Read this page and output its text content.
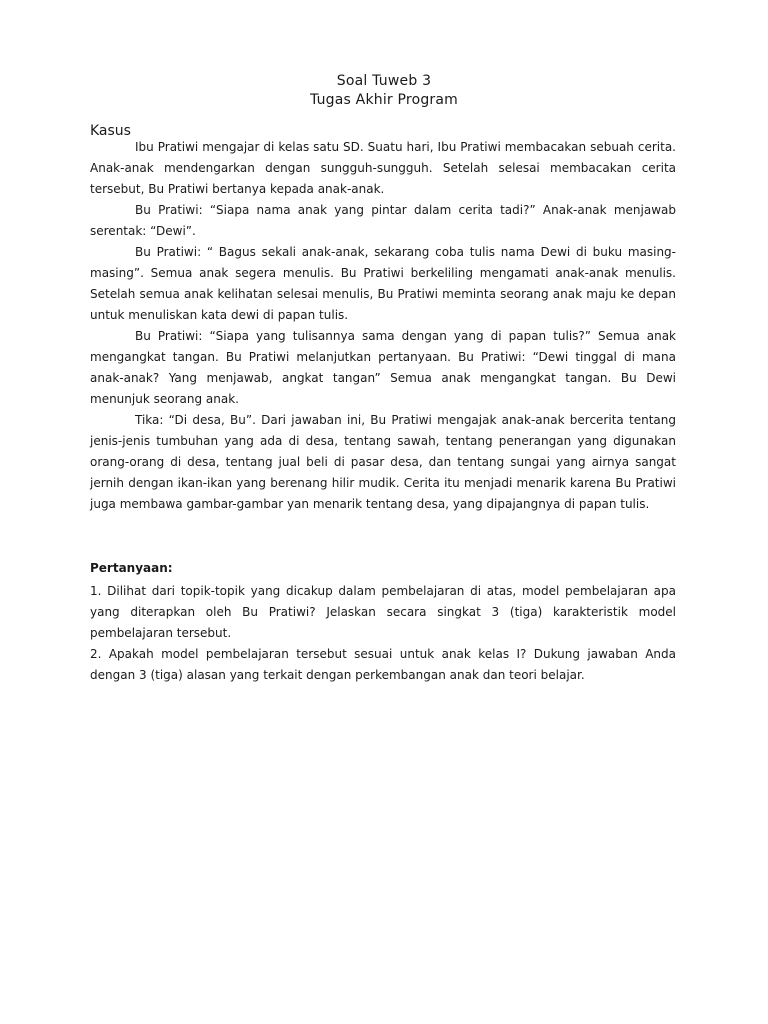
Soal Tuweb 3
Tugas Akhir Program
Kasus

Ibu Pratiwi mengajar di kelas satu SD. Suatu hari, Ibu Pratiwi membacakan sebuah cerita. Anak-anak mendengarkan dengan sungguh-sungguh. Setelah selesai membacakan cerita tersebut, Bu Pratiwi bertanya kepada anak-anak.

Bu Pratiwi: “Siapa nama anak yang pintar dalam cerita tadi?” Anak-anak menjawab serentak: “Dewi”.

Bu Pratiwi: “ Bagus sekali anak-anak, sekarang coba tulis nama Dewi di buku masing-masing”. Semua anak segera menulis. Bu Pratiwi berkeliling mengamati anak-anak menulis. Setelah semua anak kelihatan selesai menulis, Bu Pratiwi meminta seorang anak maju ke depan untuk menuliskan kata dewi di papan tulis.

Bu Pratiwi: “Siapa yang tulisannya sama dengan yang di papan tulis?” Semua anak mengangkat tangan. Bu Pratiwi melanjutkan pertanyaan. Bu Pratiwi: “Dewi tinggal di mana anak-anak? Yang menjawab, angkat tangan” Semua anak mengangkat tangan. Bu Dewi menunjuk seorang anak.

Tika: “Di desa, Bu”. Dari jawaban ini, Bu Pratiwi mengajak anak-anak bercerita tentang jenis-jenis tumbuhan yang ada di desa, tentang sawah, tentang penerangan yang digunakan orang-orang di desa, tentang jual beli di pasar desa, dan tentang sungai yang airnya sangat jernih dengan ikan-ikan yang berenang hilir mudik. Cerita itu menjadi menarik karena Bu Pratiwi juga membawa gambar-gambar yan menarik tentang desa, yang dipajangnya di papan tulis.

Pertanyaan:

1. Dilihat dari topik-topik yang dicakup dalam pembelajaran di atas, model pembelajaran apa yang diterapkan oleh Bu Pratiwi? Jelaskan secara singkat 3 (tiga) karakteristik model pembelajaran tersebut.

2. Apakah model pembelajaran tersebut sesuai untuk anak kelas I? Dukung jawaban Anda dengan 3 (tiga) alasan yang terkait dengan perkembangan anak dan teori belajar.
